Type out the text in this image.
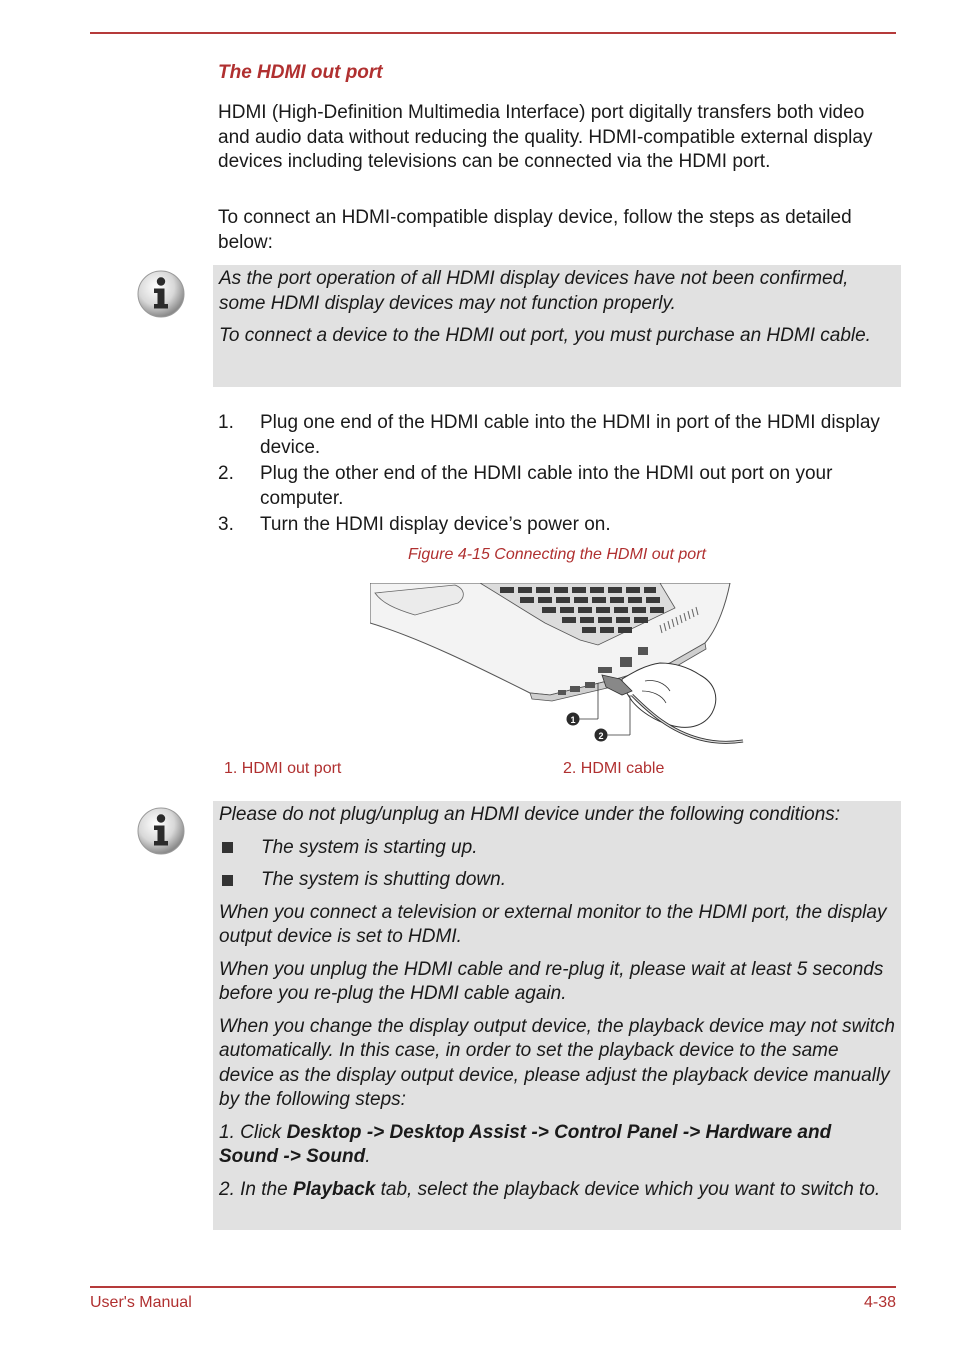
The HDMI out port

HDMI (High-Definition Multimedia Interface) port digitally transfers both video and audio data without reducing the quality. HDMI-compatible external display devices including televisions can be connected via the HDMI port.

To connect an HDMI-compatible display device, follow the steps as detailed below:

As the port operation of all HDMI display devices have not been confirmed, some HDMI display devices may not function properly.

To connect a device to the HDMI out port, you must purchase an HDMI cable.

1.	Plug one end of the HDMI cable into the HDMI in port of the HDMI display device.
2.	Plug the other end of the HDMI cable into the HDMI out port on your computer.
3.	Turn the HDMI display device’s power on.
Figure 4-15 Connecting the HDMI out port
1
2
1. HDMI out port	2. HDMI cable

Please do not plug/unplug an HDMI device under the following conditions:

The system is starting up.
The system is shutting down.

When you connect a television or external monitor to the HDMI port, the display output device is set to HDMI.

When you unplug the HDMI cable and re-plug it, please wait at least 5 seconds before you re-plug the HDMI cable again.

When you change the display output device, the playback device may not switch automatically. In this case, in order to set the playback device to the same device as the display output device, please adjust the playback device manually by the following steps:

1. Click Desktop -> Desktop Assist -> Control Panel -> Hardware and Sound -> Sound.

2. In the Playback tab, select the playback device which you want to switch to.

User's Manual	4-38
